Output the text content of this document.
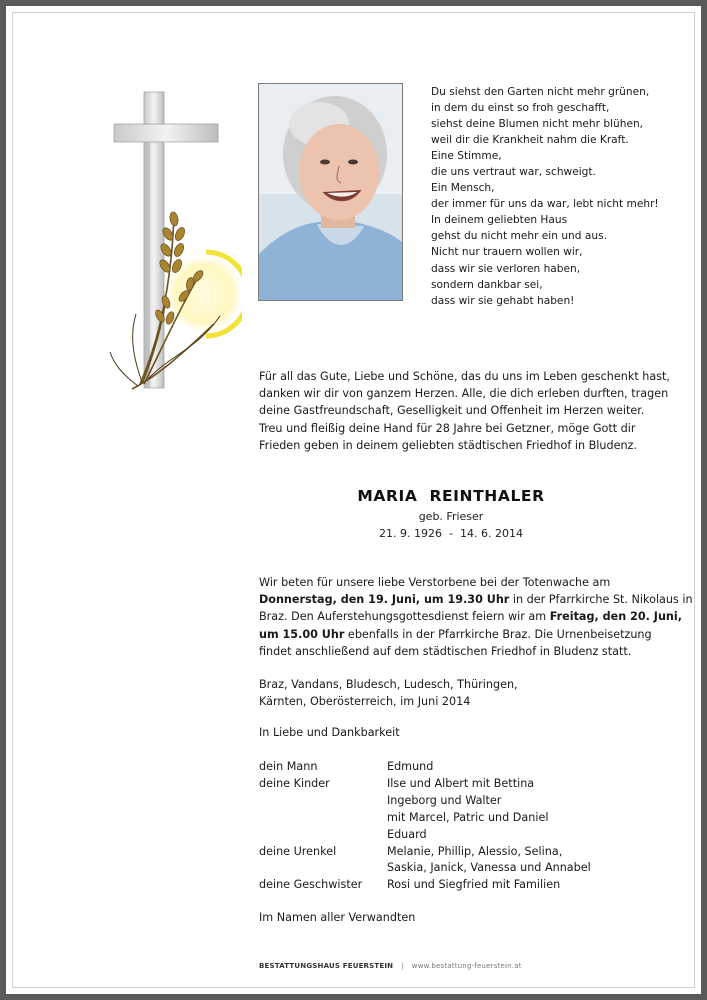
Du siehst den Garten nicht mehr grünen,
in dem du einst so froh geschafft,
siehst deine Blumen nicht mehr blühen,
weil dir die Krankheit nahm die Kraft.
Eine Stimme,
die uns vertraut war, schweigt.
Ein Mensch,
der immer für uns da war, lebt nicht mehr!
In deinem geliebten Haus
gehst du nicht mehr ein und aus.
Nicht nur trauern wollen wir,
dass wir sie verloren haben,
sondern dankbar sei,
dass wir sie gehabt haben!
Für all das Gute, Liebe und Schöne, das du uns im Leben geschenkt hast,
danken wir dir von ganzem Herzen. Alle, die dich erleben durften, tragen
deine Gastfreundschaft, Geselligkeit und Offenheit im Herzen weiter.
Treu und fleißig deine Hand für 28 Jahre bei Getzner, möge Gott dir
Frieden geben in deinem geliebten städtischen Friedhof in Bludenz.
MARIA  REINTHALER
geb. Frieser
21. 9. 1926  -  14. 6. 2014
Wir beten für unsere liebe Verstorbene bei der Totenwache am
Donnerstag, den 19. Juni, um 19.30 Uhr in der Pfarrkirche St. Nikolaus in
Braz. Den Auferstehungsgottesdienst feiern wir am Freitag, den 20. Juni,
um 15.00 Uhr ebenfalls in der Pfarrkirche Braz. Die Urnenbeisetzung
findet anschließend auf dem städtischen Friedhof in Bludenz statt.
Braz, Vandans, Bludesch, Ludesch, Thüringen,
Kärnten, Oberösterreich, im Juni 2014
In Liebe und Dankbarkeit
dein Mann	Edmund
deine Kinder	Ilse und Albert mit Bettina
Ingeborg und Walter
mit Marcel, Patric und Daniel
Eduard
deine Urenkel	Melanie, Phillip, Alessio, Selina,
Saskia, Janick, Vanessa und Annabel
deine Geschwister	Rosi und Siegfried mit Familien
Im Namen aller Verwandten
BESTATTUNGSHAUS FEUERSTEIN | www.bestattung-feuerstein.at
